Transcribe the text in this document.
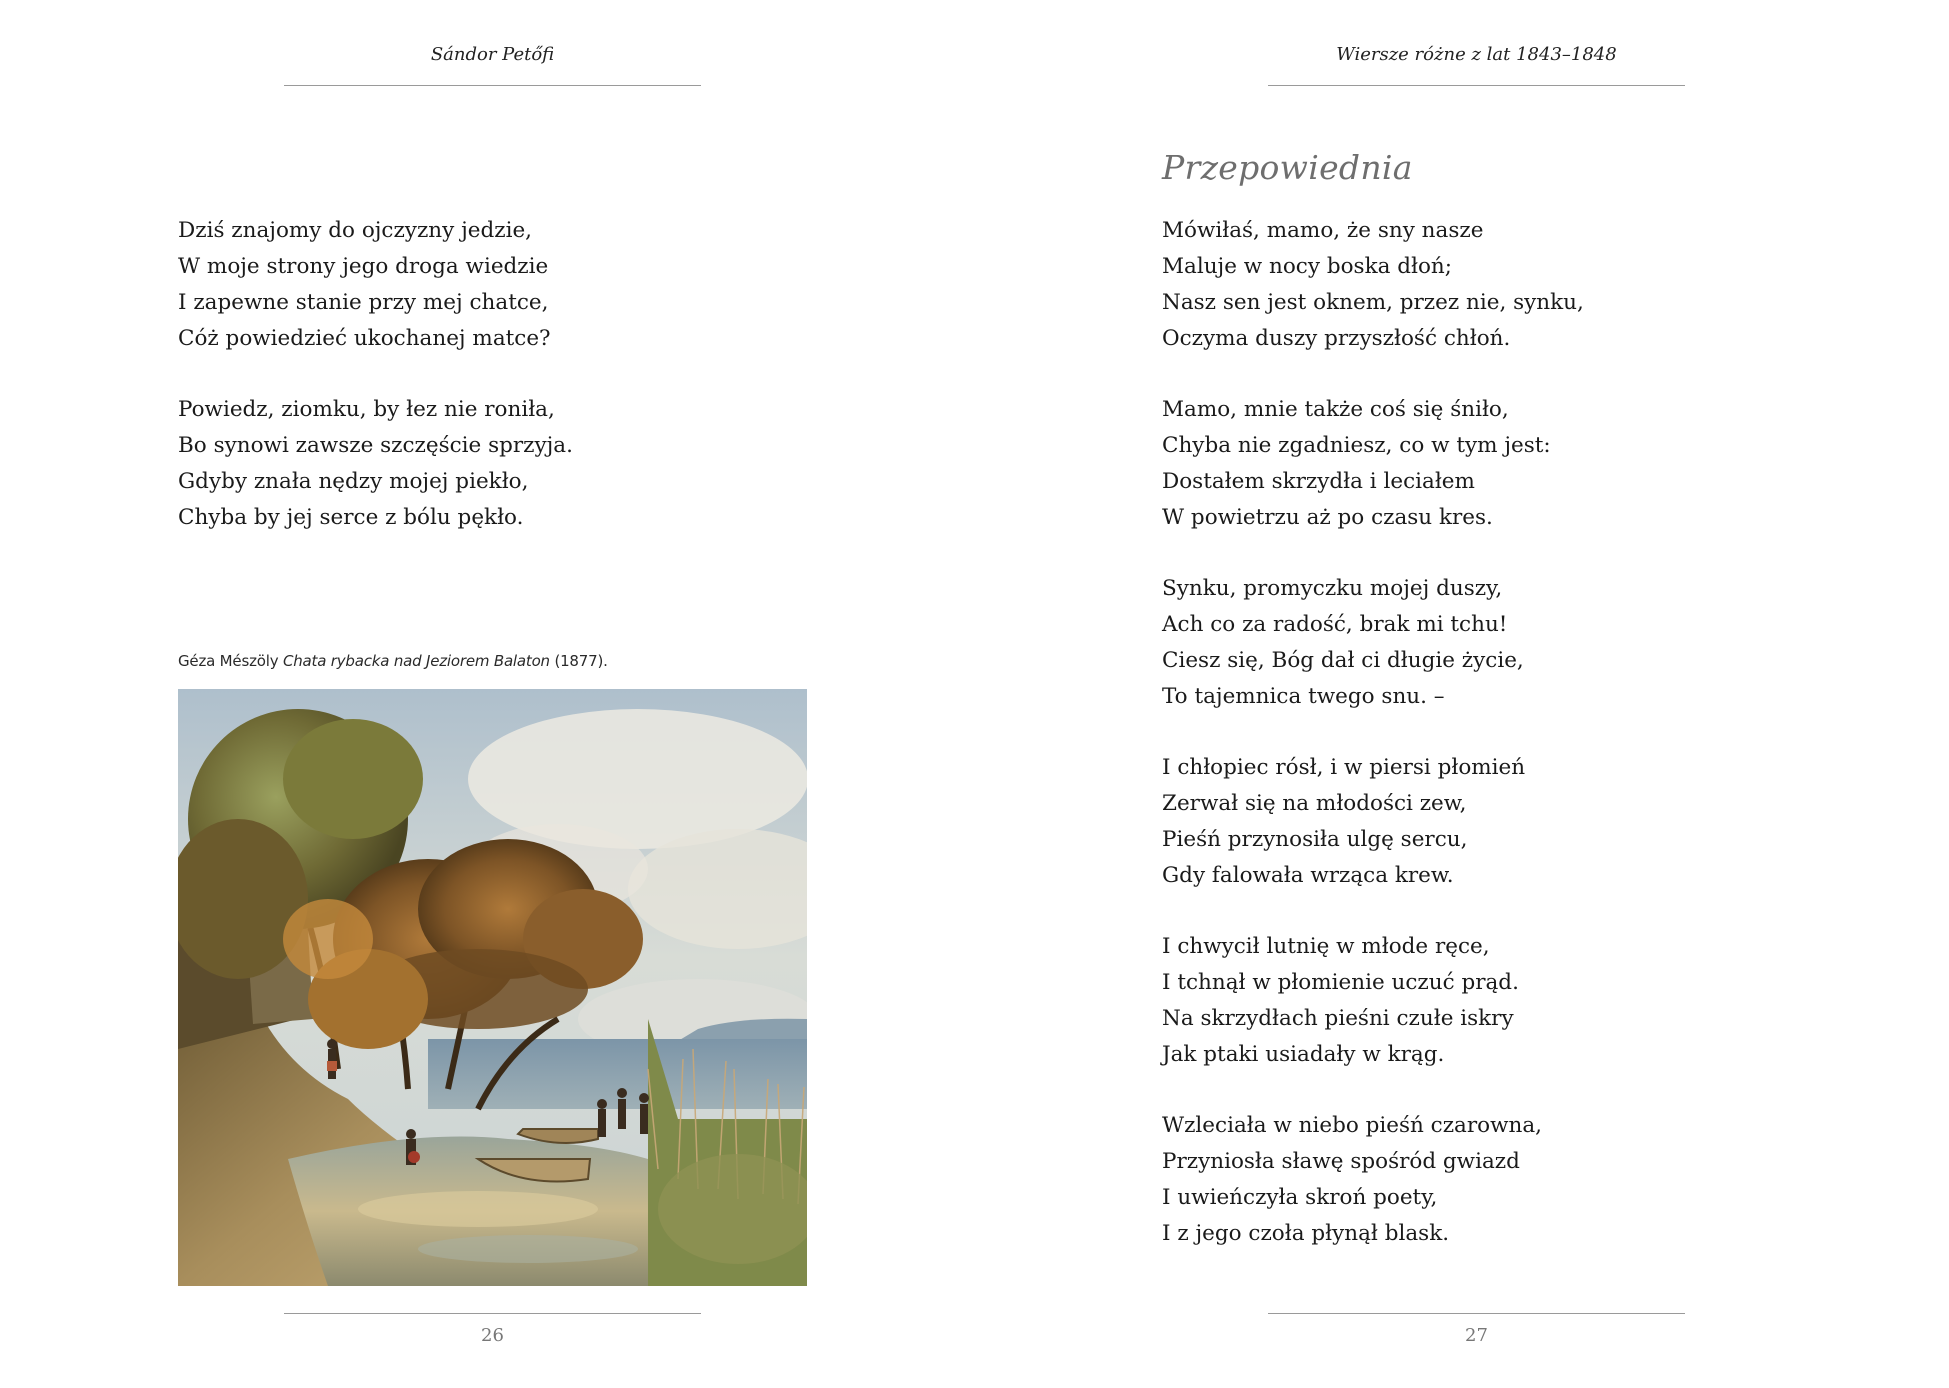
Sándor Petőfi
Dziś znajomy do ojczyzny jedzie,
W moje strony jego droga wiedzie
I zapewne stanie przy mej chatce,
Cóż powiedzieć ukochanej matce?
Powiedz, ziomku, by łez nie roniła,
Bo synowi zawsze szczęście sprzyja.
Gdyby znała nędzy mojej piekło,
Chyba by jej serce z bólu pękło.
Géza Mészöly Chata rybacka nad Jeziorem Balaton (1877).
26
Wiersze różne z lat 1843–1848
Przepowiednia
Mówiłaś, mamo, że sny nasze
Maluje w nocy boska dłoń;
Nasz sen jest oknem, przez nie, synku,
Oczyma duszy przyszłość chłoń.
Mamo, mnie także coś się śniło,
Chyba nie zgadniesz, co w tym jest:
Dostałem skrzydła i leciałem
W powietrzu aż po czasu kres.
Synku, promyczku mojej duszy,
Ach co za radość, brak mi tchu!
Ciesz się, Bóg dał ci długie życie,
To tajemnica twego snu. –
I chłopiec rósł, i w piersi płomień
Zerwał się na młodości zew,
Pieśń przynosiła ulgę sercu,
Gdy falowała wrząca krew.
I chwycił lutnię w młode ręce,
I tchnął w płomienie uczuć prąd.
Na skrzydłach pieśni czułe iskry
Jak ptaki usiadały w krąg.
Wzleciała w niebo pieśń czarowna,
Przyniosła sławę spośród gwiazd
I uwieńczyła skroń poety,
I z jego czoła płynął blask.
27
